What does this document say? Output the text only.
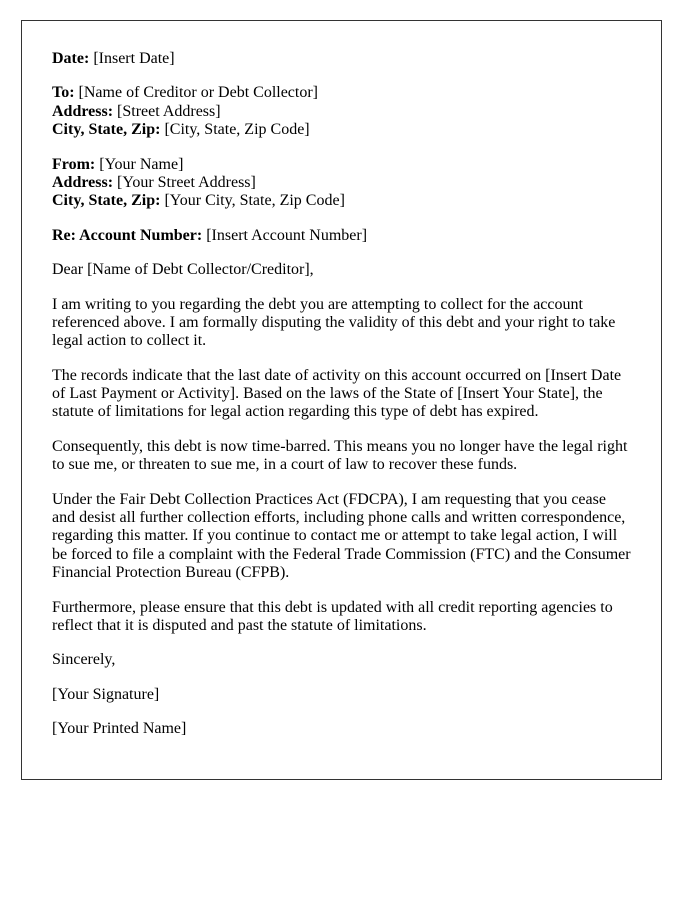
Date: [Insert Date]
To: [Name of Creditor or Debt Collector]
Address: [Street Address]
City, State, Zip: [City, State, Zip Code]
From: [Your Name]
Address: [Your Street Address]
City, State, Zip: [Your City, State, Zip Code]
Re: Account Number: [Insert Account Number]

Dear [Name of Debt Collector/Creditor],

I am writing to you regarding the debt you are attempting to collect for the account referenced above. I am formally disputing the validity of this debt and your right to take legal action to collect it.

The records indicate that the last date of activity on this account occurred on [Insert Date of Last Payment or Activity]. Based on the laws of the State of [Insert Your State], the statute of limitations for legal action regarding this type of debt has expired.

Consequently, this debt is now time-barred. This means you no longer have the legal right to sue me, or threaten to sue me, in a court of law to recover these funds.

Under the Fair Debt Collection Practices Act (FDCPA), I am requesting that you cease and desist all further collection efforts, including phone calls and written correspondence, regarding this matter. If you continue to contact me or attempt to take legal action, I will be forced to file a complaint with the Federal Trade Commission (FTC) and the Consumer Financial Protection Bureau (CFPB).

Furthermore, please ensure that this debt is updated with all credit reporting agencies to reflect that it is disputed and past the statute of limitations.

Sincerely,

[Your Signature]

[Your Printed Name]
